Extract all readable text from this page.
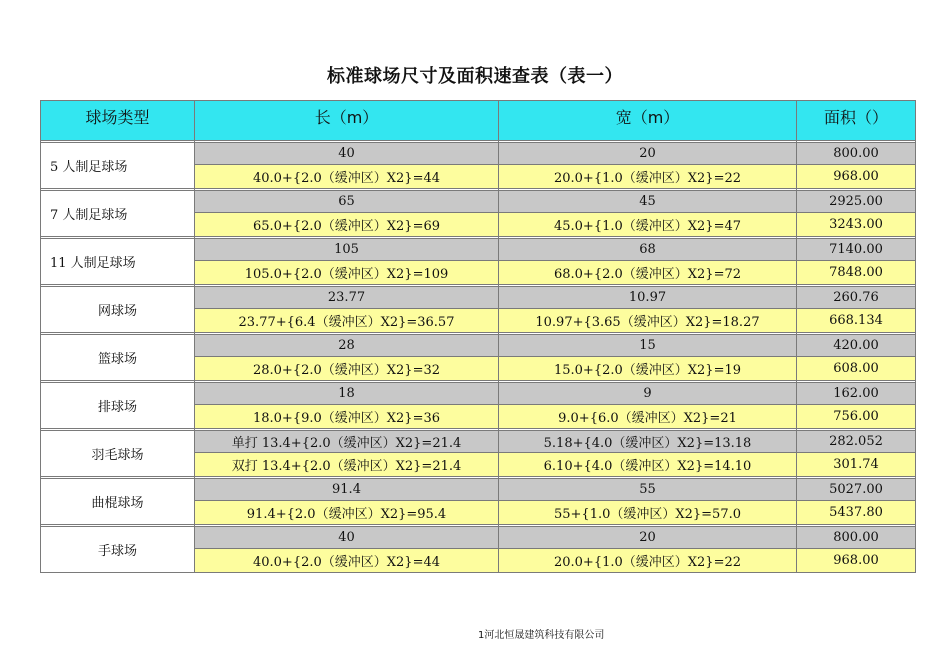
标准球场尺寸及面积速查表（表一）
球场类型	长（m）	宽（m）	面积（）

5 人制足球场	40	20	800.00
	40.0+{2.0（缓冲区）X2}=44	20.0+{1.0（缓冲区）X2}=22	968.00

7 人制足球场	65	45	2925.00
	65.0+{2.0（缓冲区）X2}=69	45.0+{1.0（缓冲区）X2}=47	3243.00

11 人制足球场	105	68	7140.00
	105.0+{2.0（缓冲区）X2}=109	68.0+{2.0（缓冲区）X2}=72	7848.00

网球场	23.77	10.97	260.76
	23.77+{6.4（缓冲区）X2}=36.57	10.97+{3.65（缓冲区）X2}=18.27	668.134

篮球场	28	15	420.00
	28.0+{2.0（缓冲区）X2}=32	15.0+{2.0（缓冲区）X2}=19	608.00

排球场	18	9	162.00
	18.0+{9.0（缓冲区）X2}=36	9.0+{6.0（缓冲区）X2}=21	756.00

羽毛球场	单打 13.4+{2.0（缓冲区）X2}=21.4	5.18+{4.0（缓冲区）X2}=13.18	282.052
	双打 13.4+{2.0（缓冲区）X2}=21.4	6.10+{4.0（缓冲区）X2}=14.10	301.74

曲棍球场	91.4	55	5027.00
	91.4+{2.0（缓冲区）X2}=95.4	55+{1.0（缓冲区）X2}=57.0	5437.80

手球场	40	20	800.00
	40.0+{2.0（缓冲区）X2}=44	20.0+{1.0（缓冲区）X2}=22	968.00
1河北恒晟建筑科技有限公司
